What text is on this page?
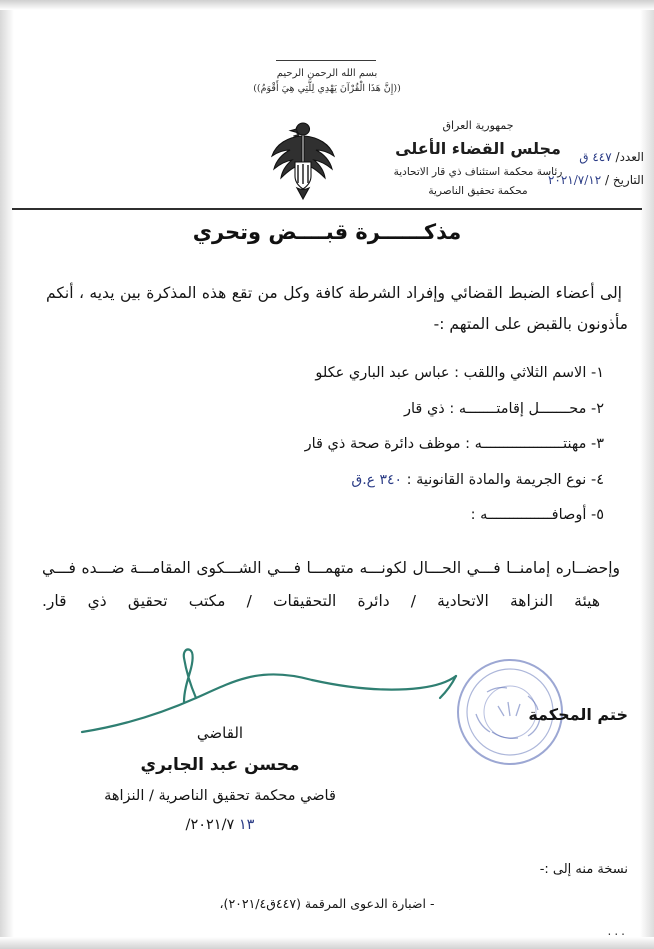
بسم الله الرحمن الرحيم
((إِنَّ هَذَا الْقُرْآنَ يَهْدِي لِلَّتِي هِيَ أَقْوَمُ))
جمهورية العراق
مجلس القضاء الأعلى
رئاسة محكمة استئناف ذي قار الاتحادية
محكمة تحقيق الناصرية
العدد/ ٤٤٧ ق
التاريخ / ٢٠٢١/٧/١٢
مذكــــــرة قبــــض وتحري
إلى أعضاء الضبط القضائي وإفراد الشرطة كافة وكل من تقع هذه المذكرة بين يديه ، أنكم
مأذونون بالقبض على المتهم :-
١- الاسم الثلاثي واللقب : عباس عبد الباري عكلو
٢- محـــــــل إقامتـــــــه : ذي قار
٣- مهنتـــــــــــــــــــه : موظف دائرة صحة ذي قار
٤- نوع الجريمة والمادة القانونية : ٣٤٠ ع.ق
٥- أوصافـــــــــــــــه :
وإحضــاره إمامنــا فـــي الحـــال لكونـــه متهمـــا فـــي الشـــكوى المقامـــة ضـــده فـــي
هيئة النزاهة الاتحادية / دائرة التحقيقات / مكتب تحقيق ذي قار.
ختم المحكمة
القاضي
محسن عبد الجابري
قاضي محكمة تحقيق الناصرية / النزاهة
١٣ ٢٠٢١/٧/
نسخة منه إلى :-
- اضبارة الدعوى المرقمة (٤٤٧ق٢٠٢١/٤)،
...
